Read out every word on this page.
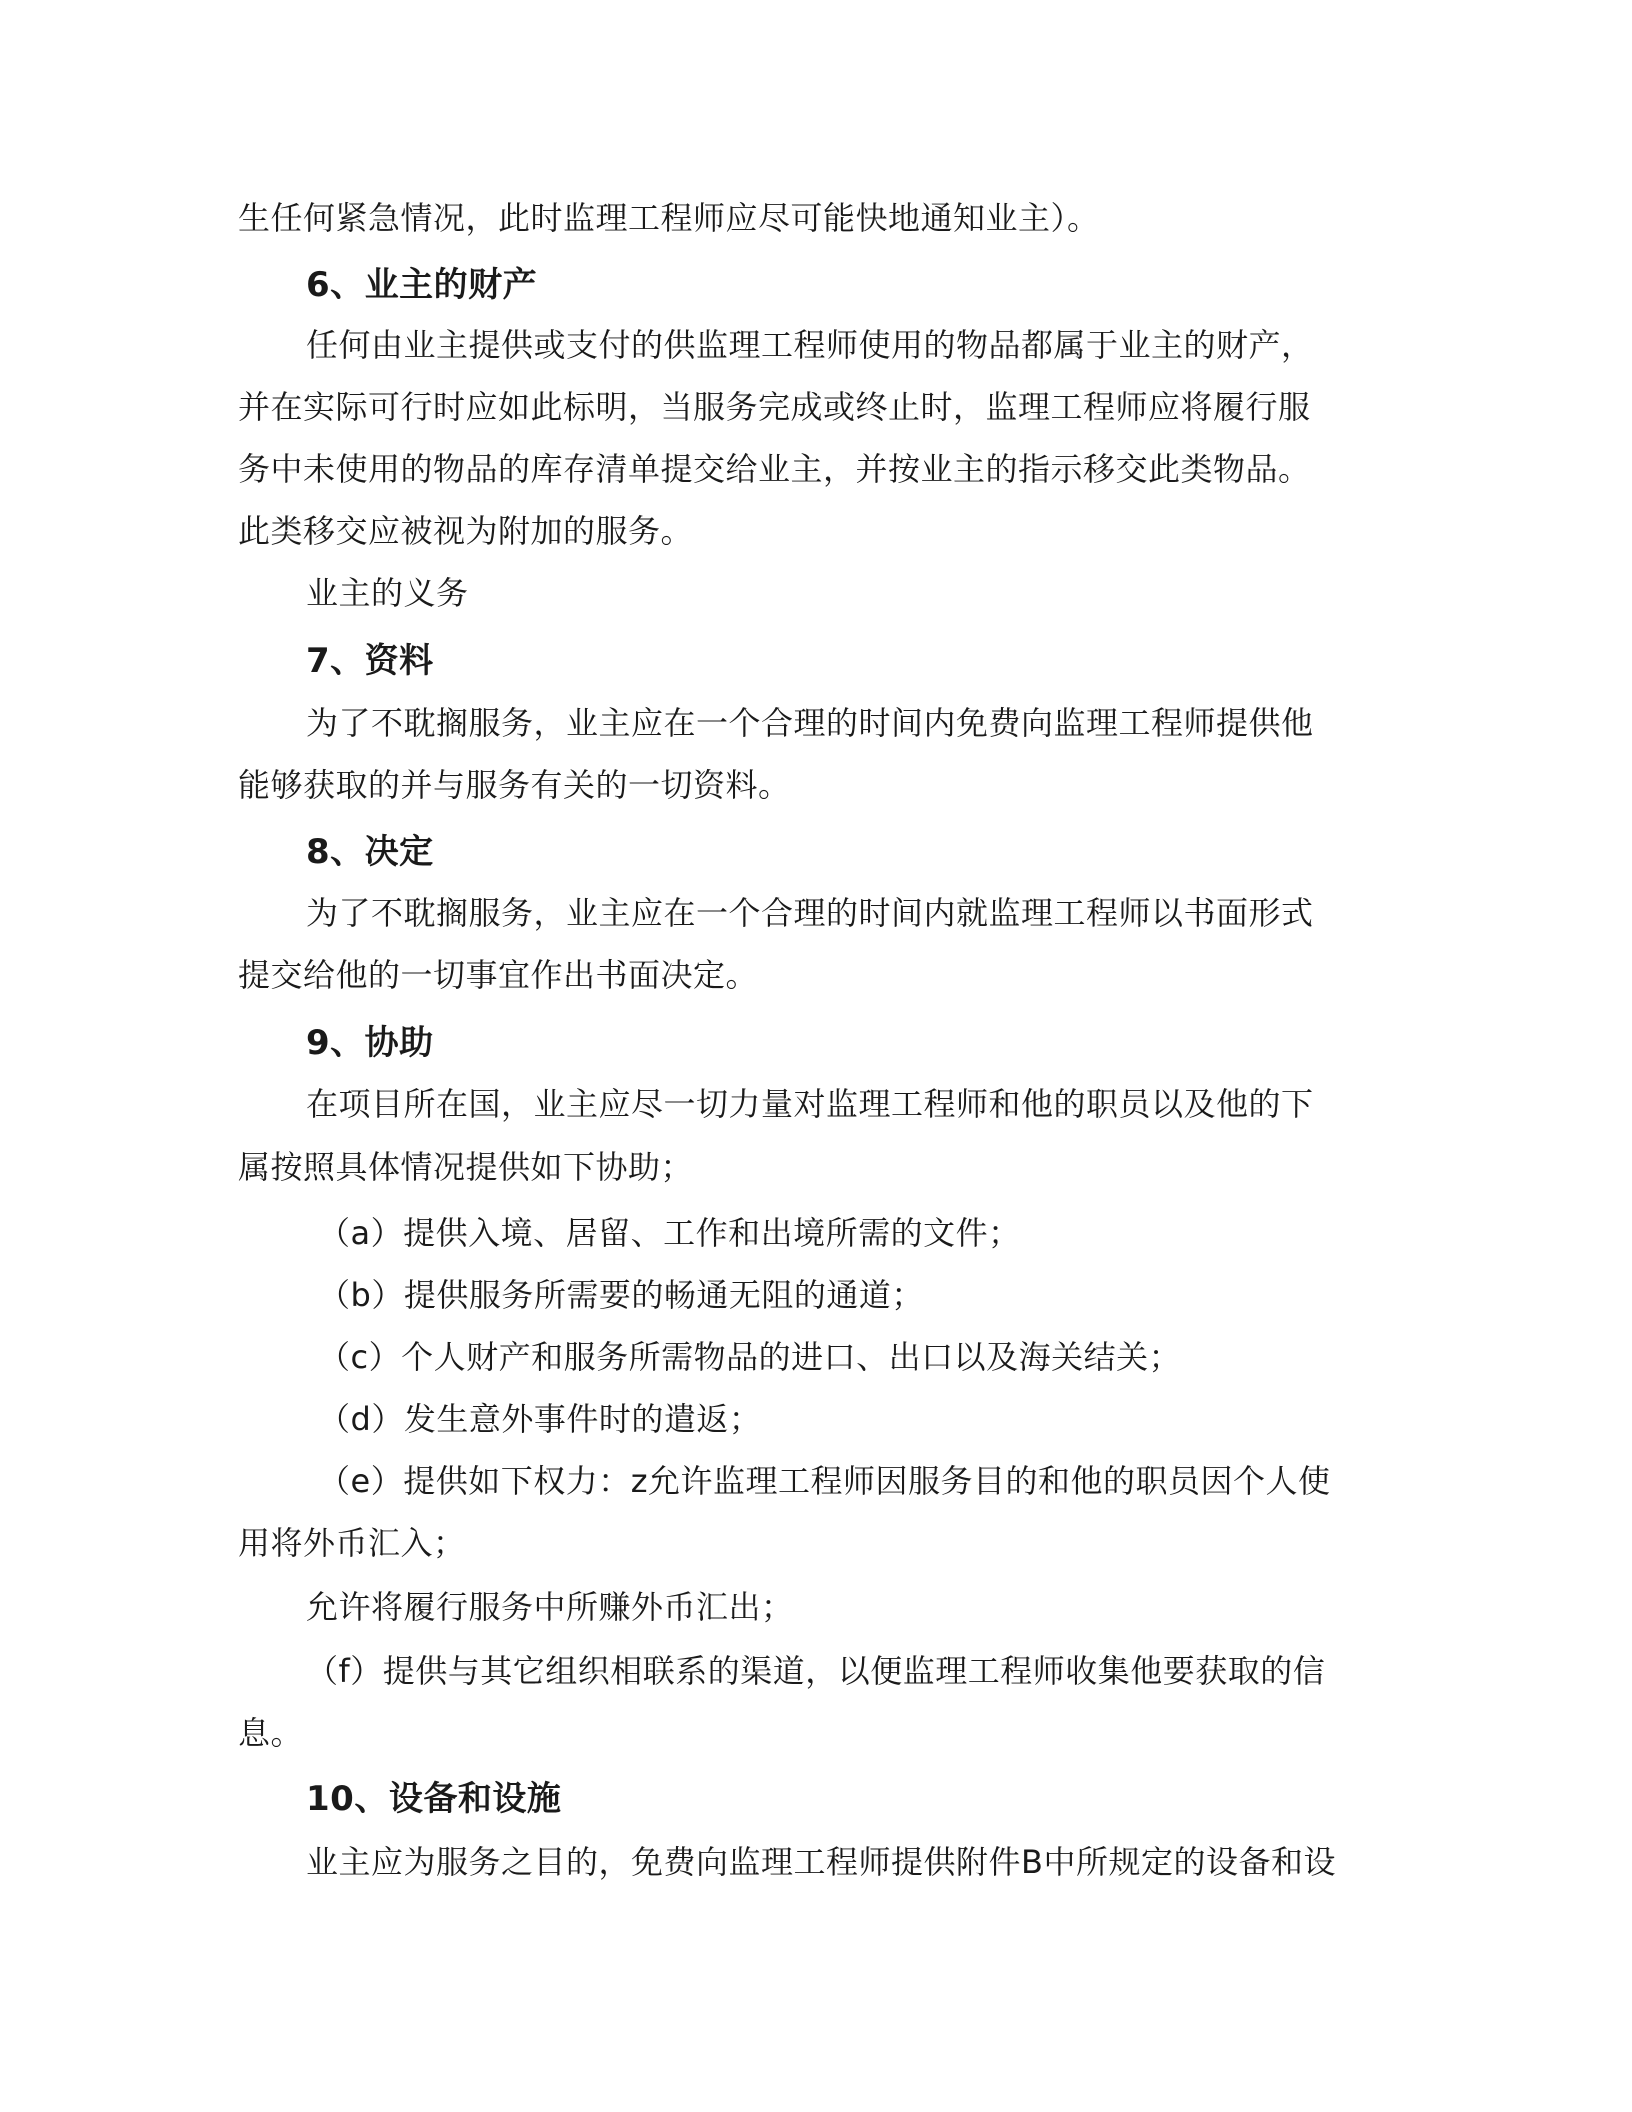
生任何紧急情况，此时监理工程师应尽可能快地通知业主）。
6、业主的财产
任何由业主提供或支付的供监理工程师使用的物品都属于业主的财产，
并在实际可行时应如此标明，当服务完成或终止时，监理工程师应将履行服
务中未使用的物品的库存清单提交给业主，并按业主的指示移交此类物品。
此类移交应被视为附加的服务。
业主的义务
7、资料
为了不耽搁服务，业主应在一个合理的时间内免费向监理工程师提供他
能够获取的并与服务有关的一切资料。
8、决定
为了不耽搁服务，业主应在一个合理的时间内就监理工程师以书面形式
提交给他的一切事宜作出书面决定。
9、协助
在项目所在国，业主应尽一切力量对监理工程师和他的职员以及他的下
属按照具体情况提供如下协助；
（a）提供入境、居留、工作和出境所需的文件；
（b）提供服务所需要的畅通无阻的通道；
（c）个人财产和服务所需物品的进口、出口以及海关结关；
（d）发生意外事件时的遣返；
（e）提供如下权力：z允许监理工程师因服务目的和他的职员因个人使
用将外币汇入；
允许将履行服务中所赚外币汇出；
（f）提供与其它组织相联系的渠道，以便监理工程师收集他要获取的信
息。
10、设备和设施
业主应为服务之目的，免费向监理工程师提供附件B中所规定的设备和设
